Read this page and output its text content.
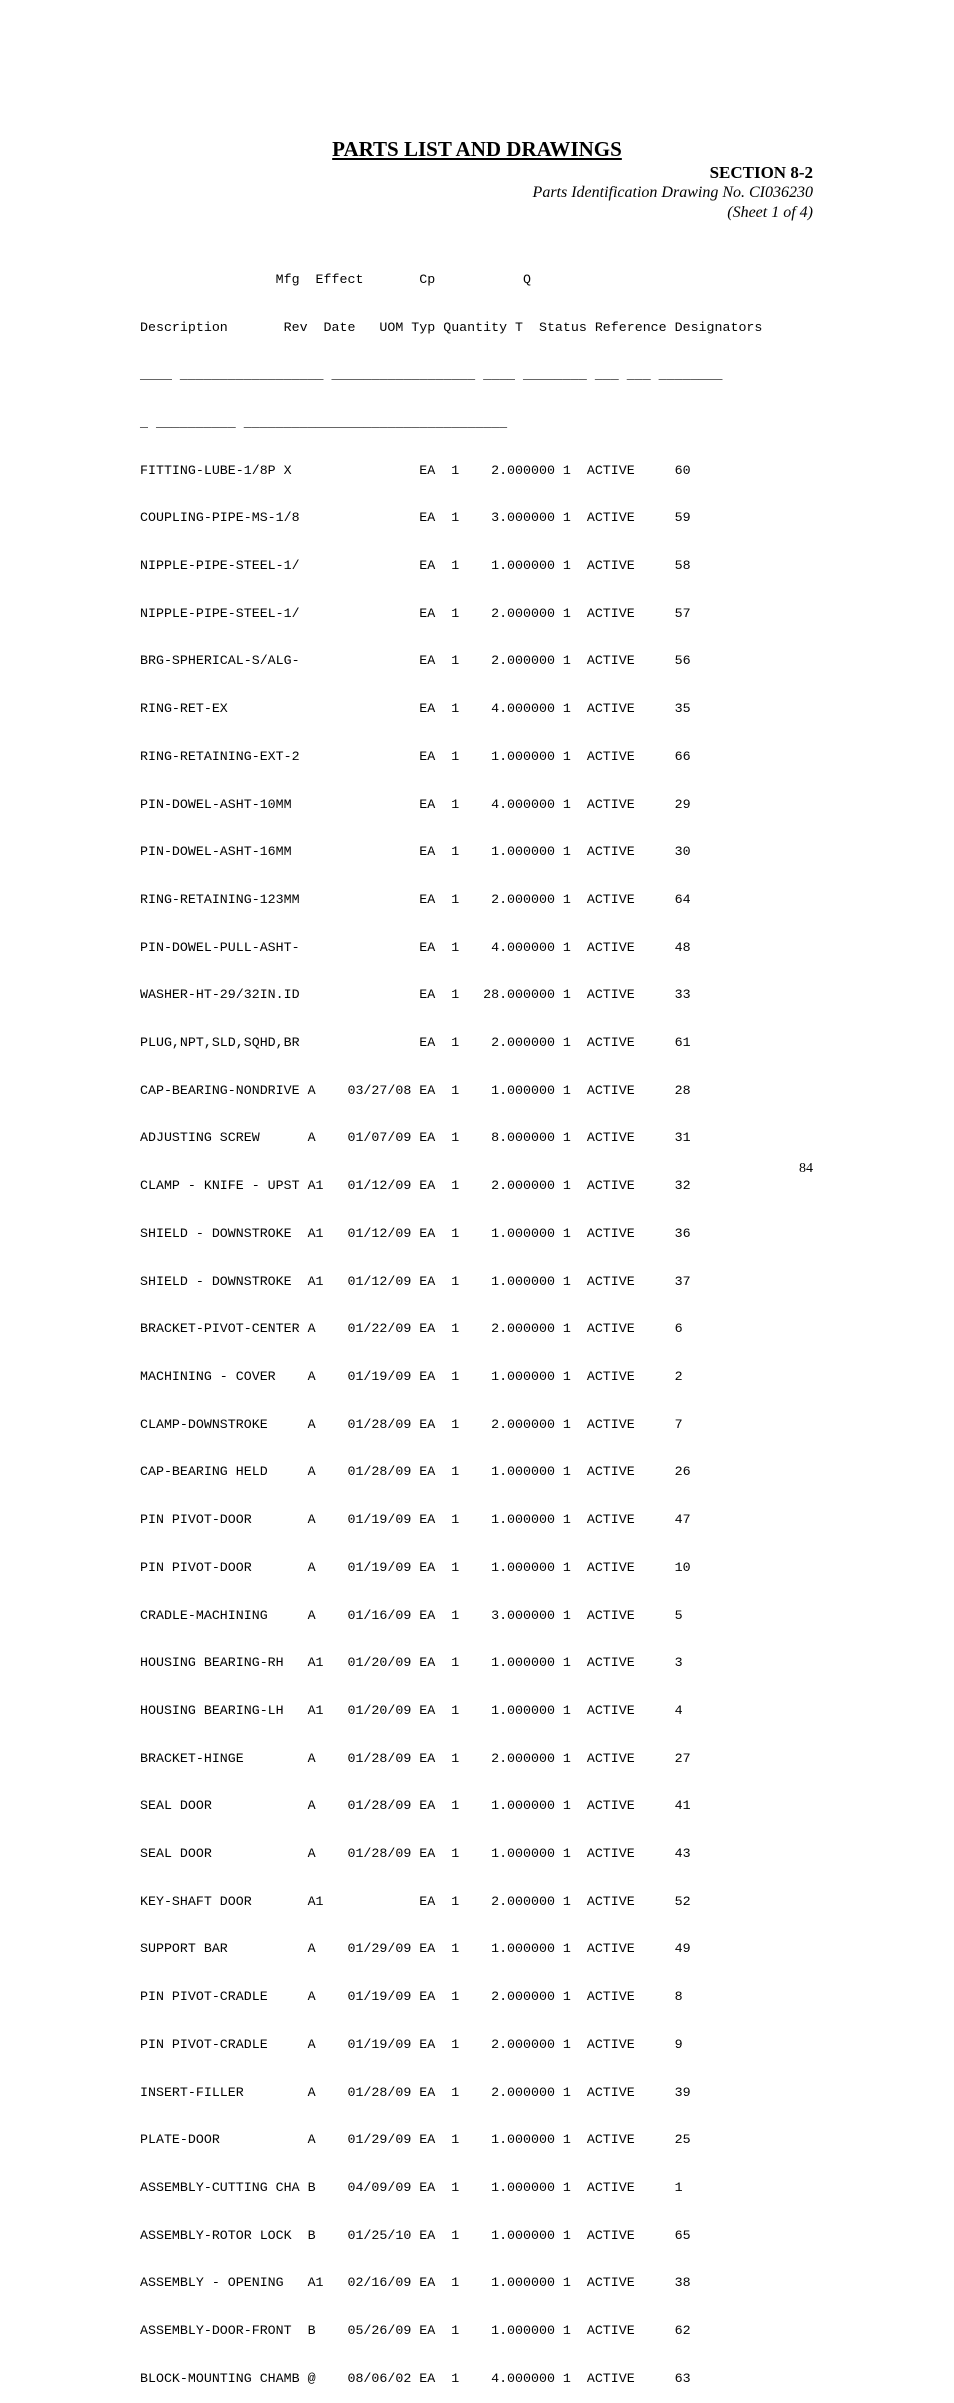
PARTS LIST AND DRAWINGS
SECTION 8-2
Parts Identification Drawing No. CI036230
(Sheet 1 of 4)

Mfg  Effect       Cp           Q

Description       Rev  Date   UOM Typ Quantity T  Status Reference Designators

____ __________________ __________________ ____ ________ ___ ___ ________

_ __________ _________________________________

FITTING-LUBE-1/8P X                EA  1    2.000000 1  ACTIVE     60

COUPLING-PIPE-MS-1/8               EA  1    3.000000 1  ACTIVE     59

NIPPLE-PIPE-STEEL-1/               EA  1    1.000000 1  ACTIVE     58

NIPPLE-PIPE-STEEL-1/               EA  1    2.000000 1  ACTIVE     57

BRG-SPHERICAL-S/ALG-               EA  1    2.000000 1  ACTIVE     56

RING-RET-EX                        EA  1    4.000000 1  ACTIVE     35

RING-RETAINING-EXT-2               EA  1    1.000000 1  ACTIVE     66

PIN-DOWEL-ASHT-10MM                EA  1    4.000000 1  ACTIVE     29

PIN-DOWEL-ASHT-16MM                EA  1    1.000000 1  ACTIVE     30

RING-RETAINING-123MM               EA  1    2.000000 1  ACTIVE     64

PIN-DOWEL-PULL-ASHT-               EA  1    4.000000 1  ACTIVE     48

WASHER-HT-29/32IN.ID               EA  1   28.000000 1  ACTIVE     33

PLUG,NPT,SLD,SQHD,BR               EA  1    2.000000 1  ACTIVE     61

CAP-BEARING-NONDRIVE A    03/27/08 EA  1    1.000000 1  ACTIVE     28

ADJUSTING SCREW      A    01/07/09 EA  1    8.000000 1  ACTIVE     31

CLAMP - KNIFE - UPST A1   01/12/09 EA  1    2.000000 1  ACTIVE     32

SHIELD - DOWNSTROKE  A1   01/12/09 EA  1    1.000000 1  ACTIVE     36

SHIELD - DOWNSTROKE  A1   01/12/09 EA  1    1.000000 1  ACTIVE     37

BRACKET-PIVOT-CENTER A    01/22/09 EA  1    2.000000 1  ACTIVE     6

MACHINING - COVER    A    01/19/09 EA  1    1.000000 1  ACTIVE     2

CLAMP-DOWNSTROKE     A    01/28/09 EA  1    2.000000 1  ACTIVE     7

CAP-BEARING HELD     A    01/28/09 EA  1    1.000000 1  ACTIVE     26

PIN PIVOT-DOOR       A    01/19/09 EA  1    1.000000 1  ACTIVE     47

PIN PIVOT-DOOR       A    01/19/09 EA  1    1.000000 1  ACTIVE     10

CRADLE-MACHINING     A    01/16/09 EA  1    3.000000 1  ACTIVE     5

HOUSING BEARING-RH   A1   01/20/09 EA  1    1.000000 1  ACTIVE     3

HOUSING BEARING-LH   A1   01/20/09 EA  1    1.000000 1  ACTIVE     4

BRACKET-HINGE        A    01/28/09 EA  1    2.000000 1  ACTIVE     27

SEAL DOOR            A    01/28/09 EA  1    1.000000 1  ACTIVE     41

SEAL DOOR            A    01/28/09 EA  1    1.000000 1  ACTIVE     43

KEY-SHAFT DOOR       A1            EA  1    2.000000 1  ACTIVE     52

SUPPORT BAR          A    01/29/09 EA  1    1.000000 1  ACTIVE     49

PIN PIVOT-CRADLE     A    01/19/09 EA  1    2.000000 1  ACTIVE     8

PIN PIVOT-CRADLE     A    01/19/09 EA  1    2.000000 1  ACTIVE     9

INSERT-FILLER        A    01/28/09 EA  1    2.000000 1  ACTIVE     39

PLATE-DOOR           A    01/29/09 EA  1    1.000000 1  ACTIVE     25

ASSEMBLY-CUTTING CHA B    04/09/09 EA  1    1.000000 1  ACTIVE     1

ASSEMBLY-ROTOR LOCK  B    01/25/10 EA  1    1.000000 1  ACTIVE     65

ASSEMBLY - OPENING   A1   02/16/09 EA  1    1.000000 1  ACTIVE     38

ASSEMBLY-DOOR-FRONT  B    05/26/09 EA  1    1.000000 1  ACTIVE     62

BLOCK-MOUNTING CHAMB @    08/06/02 EA  1    4.000000 1  ACTIVE     63

84
